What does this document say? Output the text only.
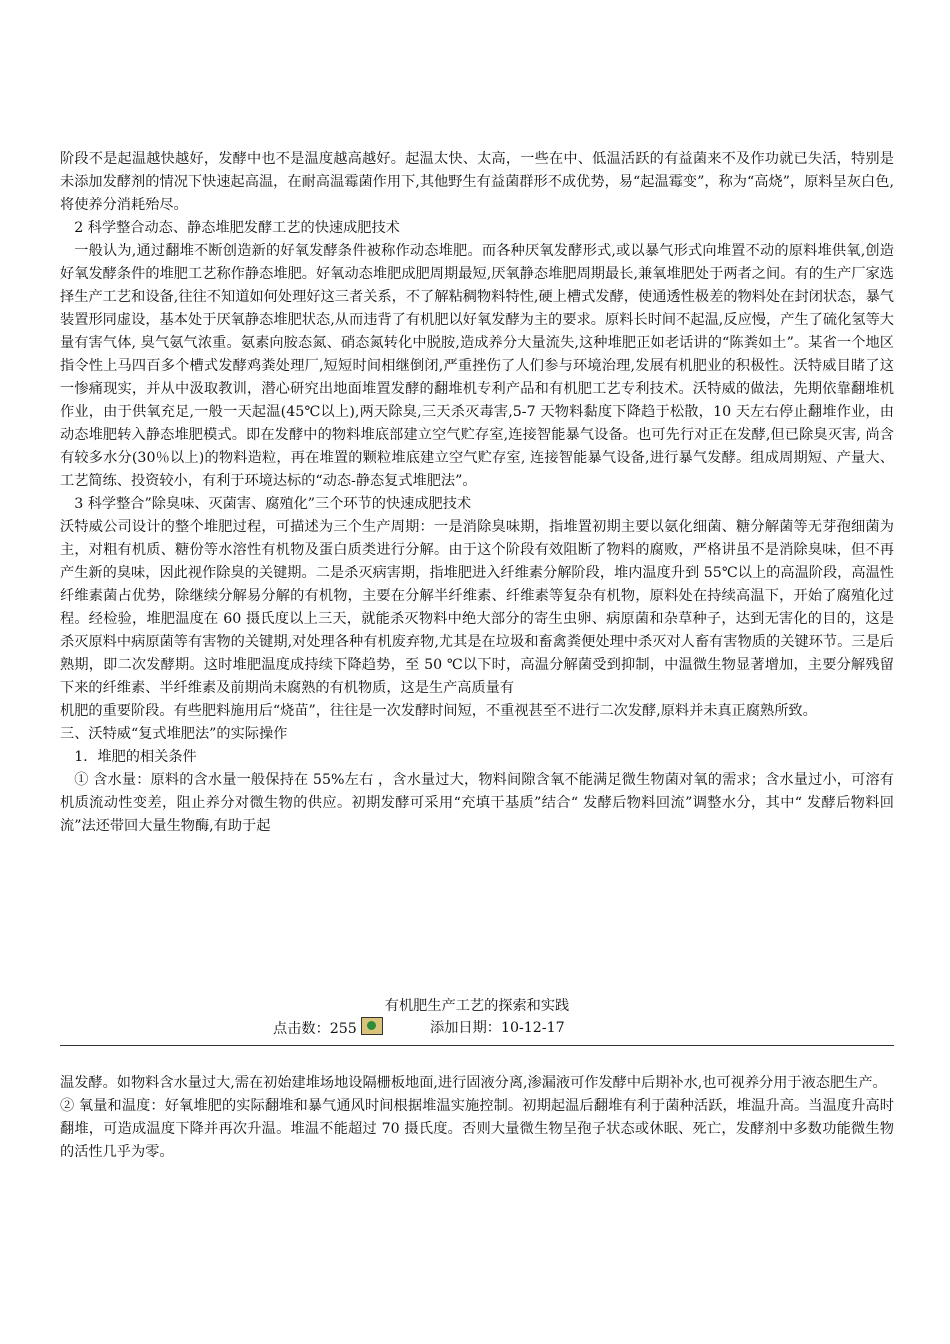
阶段不是起温越快越好，发酵中也不是温度越高越好。起温太快、太高，一些在中、低温活跃的有益菌来不及作功就已失活，特别是未添加发酵剂的情况下快速起高温，在耐高温霉菌作用下,其他野生有益菌群形不成优势，易“起温霉变”，称为“高烧”，原料呈灰白色,将使养分消耗殆尽。

2 科学整合动态、静态堆肥发酵工艺的快速成肥技术

一般认为,通过翻堆不断创造新的好氧发酵条件被称作动态堆肥。而各种厌氧发酵形式,或以暴气形式向堆置不动的原料堆供氧,创造好氧发酵条件的堆肥工艺称作静态堆肥。好氧动态堆肥成肥周期最短,厌氧静态堆肥周期最长,兼氧堆肥处于两者之间。有的生产厂家选择生产工艺和设备,往往不知道如何处理好这三者关系，不了解粘稠物料特性,硬上槽式发酵，使通透性极差的物料处在封闭状态，暴气装置形同虚设，基本处于厌氧静态堆肥状态,从而违背了有机肥以好氧发酵为主的要求。原料长时间不起温,反应慢，产生了硫化氢等大量有害气体, 臭气氨气浓重。氨素向胺态氮、硝态氮转化中脱胺,造成养分大量流失,这种堆肥正如老话讲的“陈粪如土”。某省一个地区指令性上马四百多个槽式发酵鸡粪处理厂,短短时间相继倒闭,严重挫伤了人们参与环境治理,发展有机肥业的积极性。沃特威目睹了这一惨痛现实，并从中汲取教训，潜心研究出地面堆置发酵的翻堆机专利产品和有机肥工艺专利技术。沃特威的做法，先期依靠翻堆机作业，由于供氧充足,一般一天起温(45℃以上),两天除臭,三天杀灭毒害,5-7 天物料黏度下降趋于松散，10 天左右停止翻堆作业，由动态堆肥转入静态堆肥模式。即在发酵中的物料堆底部建立空气贮存室,连接智能暴气设备。也可先行对正在发酵,但已除臭灭害, 尚含有较多水分(30％以上)的物料造粒，再在堆置的颗粒堆底建立空气贮存室, 连接智能暴气设备,进行暴气发酵。组成周期短、产量大、工艺简练、投资较小，有利于环境达标的“动态-静态复式堆肥法”。

3 科学整合”除臭味、灭菌害、腐殖化”三个环节的快速成肥技术

沃特威公司设计的整个堆肥过程，可描述为三个生产周期：一是消除臭味期，指堆置初期主要以氨化细菌、糖分解菌等无芽孢细菌为主，对粗有机质、糖份等水溶性有机物及蛋白质类进行分解。由于这个阶段有效阻断了物料的腐败，严格讲虽不是消除臭味，但不再产生新的臭味，因此视作除臭的关键期。二是杀灭病害期，指堆肥进入纤维素分解阶段，堆内温度升到 55℃以上的高温阶段，高温性纤维素菌占优势，除继续分解易分解的有机物，主要在分解半纤维素、纤维素等复杂有机物，原料处在持续高温下，开始了腐殖化过程。经检验，堆肥温度在 60 摄氏度以上三天，就能杀灭物料中绝大部分的寄生虫卵、病原菌和杂草种子，达到无害化的目的，这是杀灭原料中病原菌等有害物的关键期,对处理各种有机废弃物,尤其是在垃圾和畜禽粪便处理中杀灭对人畜有害物质的关键环节。三是后熟期，即二次发酵期。这时堆肥温度成持续下降趋势，至 50 ℃以下时，高温分解菌受到抑制，中温微生物显著增加，主要分解残留下来的纤维素、半纤维素及前期尚未腐熟的有机物质，这是生产高质量有

机肥的重要阶段。有些肥料施用后“烧苗”，往往是一次发酵时间短，不重视甚至不进行二次发酵,原料并未真正腐熟所致。

三、沃特威“复式堆肥法”的实际操作

1．堆肥的相关条件

① 含水量：原料的含水量一般保持在 55%左右 ，含水量过大，物料间隙含氧不能满足微生物菌对氧的需求；含水量过小，可溶有机质流动性变差，阻止养分对微生物的供应。初期发酵可采用“充填干基质”结合“ 发酵后物料回流”调整水分，其中“ 发酵后物料回流”法还带回大量生物酶,有助于起

有机肥生产工艺的探索和实践
点击数：255	添加日期：10-12-17

温发酵。如物料含水量过大,需在初始建堆场地设隔栅板地面,进行固液分离,渗漏液可作发酵中后期补水,也可视养分用于液态肥生产。

② 氧量和温度：好氧堆肥的实际翻堆和暴气通风时间根据堆温实施控制。初期起温后翻堆有利于菌种活跃，堆温升高。当温度升高时翻堆，可造成温度下降并再次升温。堆温不能超过 70 摄氏度。否则大量微生物呈孢子状态或休眠、死亡，发酵剂中多数功能微生物的活性几乎为零。
